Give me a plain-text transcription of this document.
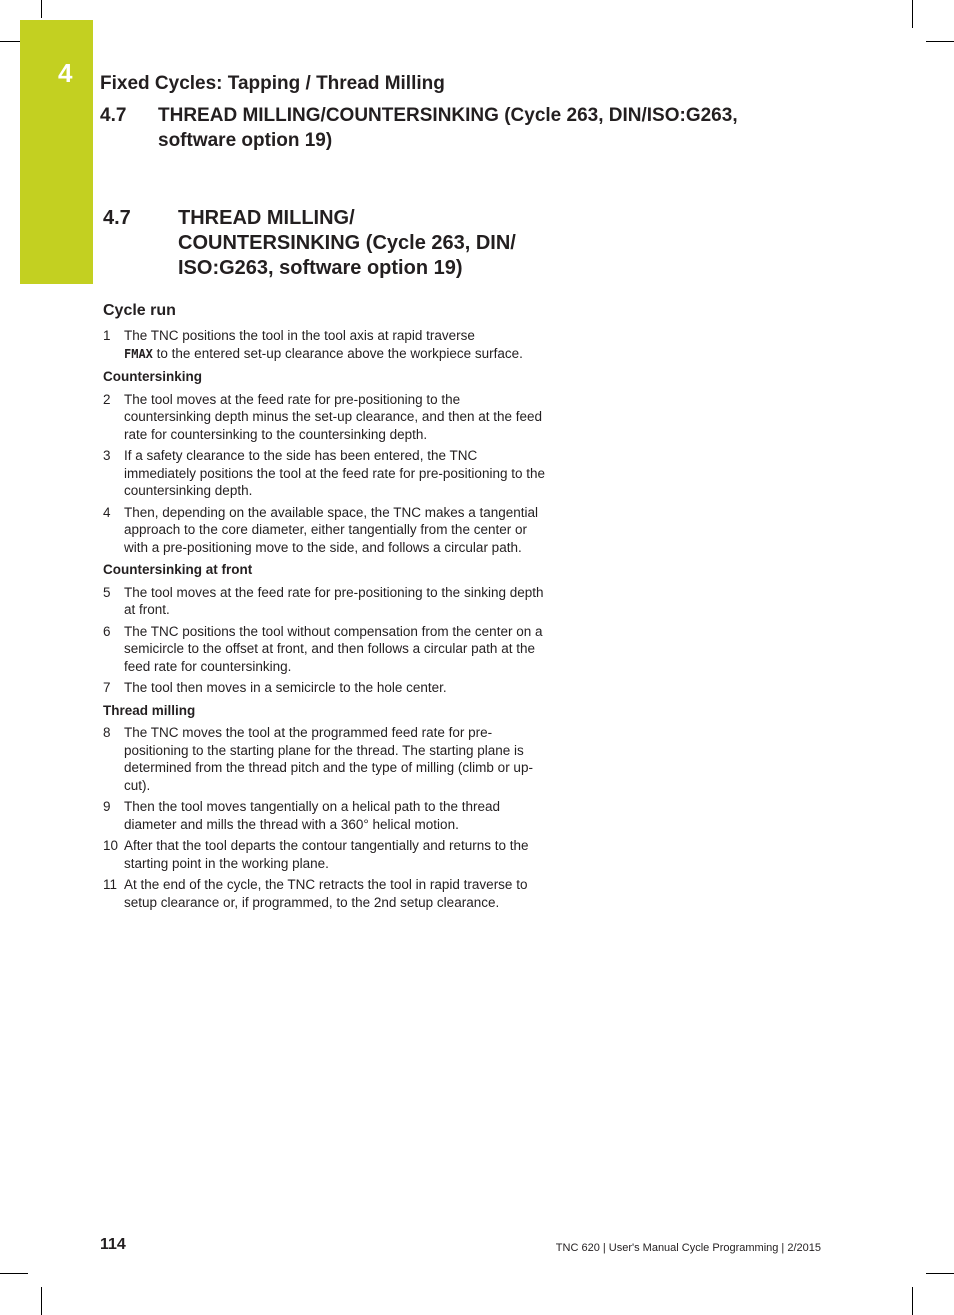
4 Fixed Cycles: Tapping / Thread Milling
4.7 THREAD MILLING/COUNTERSINKING (Cycle 263, DIN/ISO:G263, software option 19)
4.7 THREAD MILLING/
COUNTERSINKING (Cycle 263, DIN/
ISO:G263, software option 19)
Cycle run
1 The TNC positions the tool in the tool axis at rapid traverse
FMAX to the entered set-up clearance above the workpiece surface.
Countersinking
2 The tool moves at the feed rate for pre-positioning to the countersinking depth minus the set-up clearance, and then at the feed rate for countersinking to the countersinking depth.
3 If a safety clearance to the side has been entered, the TNC immediately positions the tool at the feed rate for pre-positioning to the countersinking depth.
4 Then, depending on the available space, the TNC makes a tangential approach to the core diameter, either tangentially from the center or with a pre-positioning move to the side, and follows a circular path.
Countersinking at front
5 The tool moves at the feed rate for pre-positioning to the sinking depth at front.
6 The TNC positions the tool without compensation from the center on a semicircle to the offset at front, and then follows a circular path at the feed rate for countersinking.
7 The tool then moves in a semicircle to the hole center.
Thread milling
8 The TNC moves the tool at the programmed feed rate for pre-positioning to the starting plane for the thread. The starting plane is determined from the thread pitch and the type of milling (climb or up-cut).
9 Then the tool moves tangentially on a helical path to the thread diameter and mills the thread with a 360° helical motion.
10 After that the tool departs the contour tangentially and returns to the starting point in the working plane.
11 At the end of the cycle, the TNC retracts the tool in rapid traverse to setup clearance or, if programmed, to the 2nd setup clearance.
114	TNC 620 | User's Manual Cycle Programming | 2/2015
